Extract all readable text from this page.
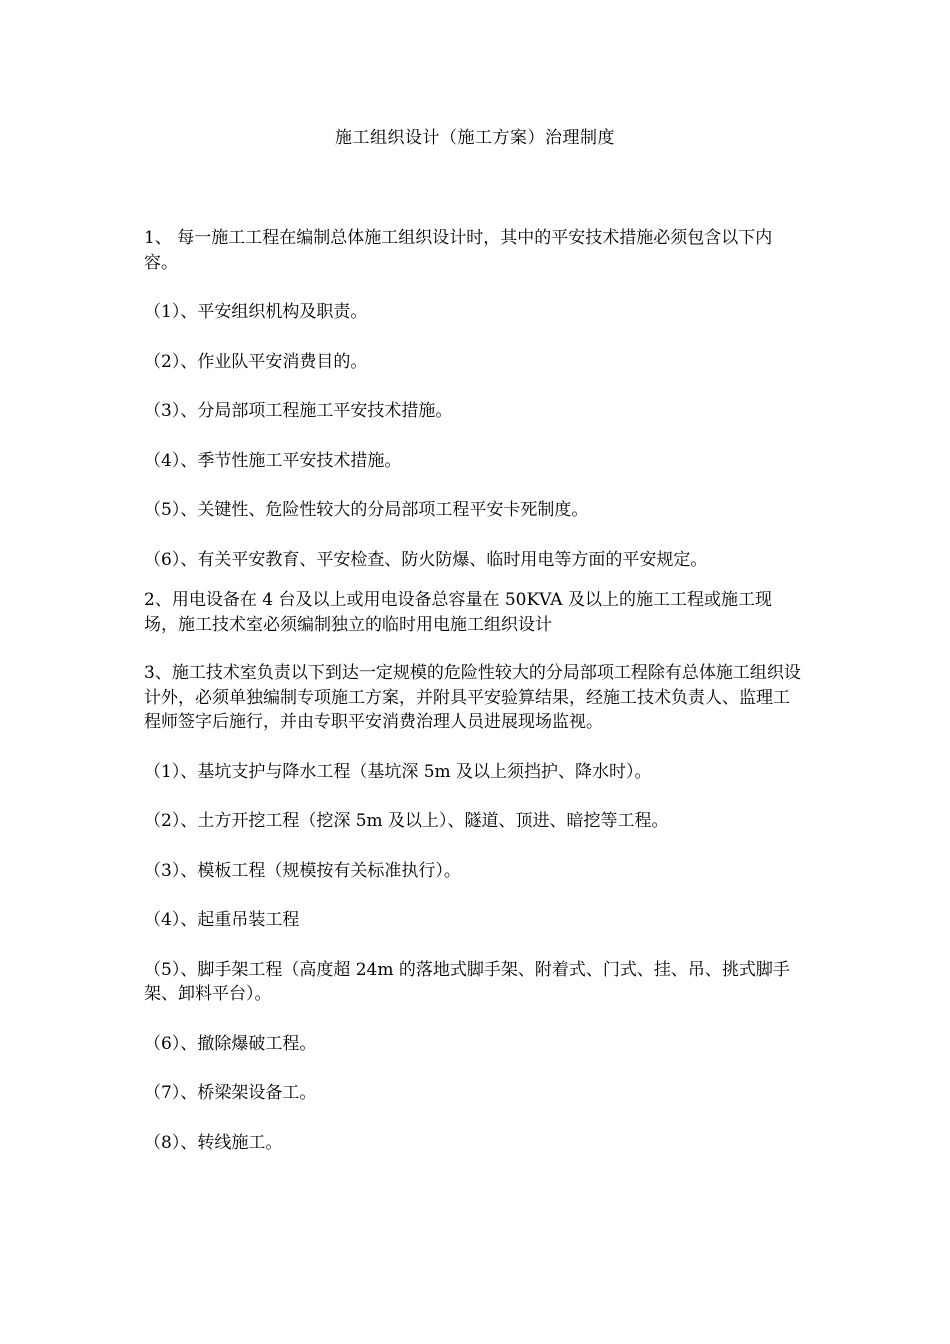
施工组织设计（施工方案）治理制度

1、 每一施工工程在编制总体施工组织设计时，其中的平安技术措施必须包含以下内容。

（1）、平安组织机构及职责。

（2）、作业队平安消费目的。

（3）、分局部项工程施工平安技术措施。

（4）、季节性施工平安技术措施。

（5）、关键性、危险性较大的分局部项工程平安卡死制度。

（6）、有关平安教育、平安检查、防火防爆、临时用电等方面的平安规定。

2、用电设备在 4 台及以上或用电设备总容量在 50KVA 及以上的施工工程或施工现场，施工技术室必须编制独立的临时用电施工组织设计

3、施工技术室负责以下到达一定规模的危险性较大的分局部项工程除有总体施工组织设计外，必须单独编制专项施工方案，并附具平安验算结果，经施工技术负责人、监理工程师签字后施行，并由专职平安消费治理人员进展现场监视。

（1）、基坑支护与降水工程（基坑深 5m 及以上须挡护、降水时）。

（2）、土方开挖工程（挖深 5m 及以上）、隧道、顶进、暗挖等工程。

（3）、模板工程（规模按有关标准执行）。

（4）、起重吊装工程

（5）、脚手架工程（高度超 24m 的落地式脚手架、附着式、门式、挂、吊、挑式脚手架、卸料平台）。

（6）、撤除爆破工程。

（7）、桥梁架设备工。

（8）、转线施工。
